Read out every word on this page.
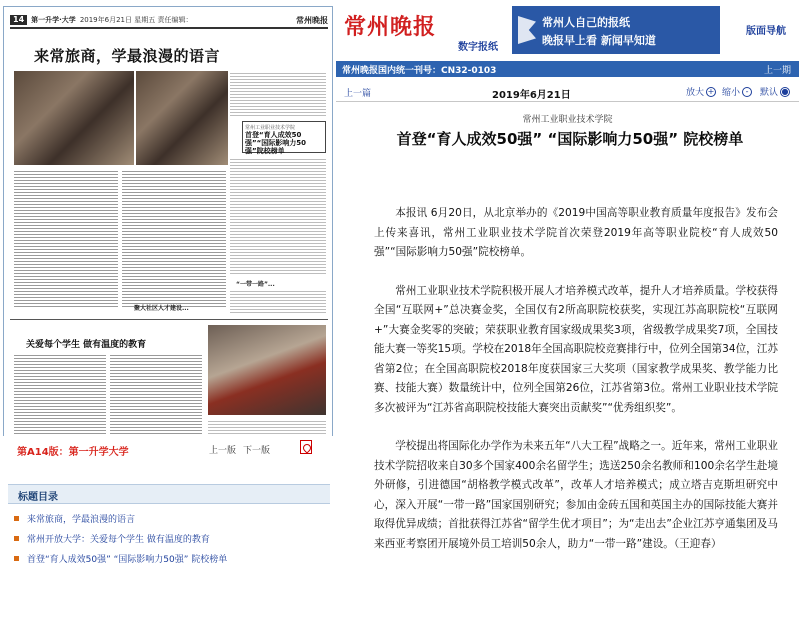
14	第一升学·大学 2019年6月21日 星期五 责任编辑：	常州晚报
来常旅商，学最浪漫的语言
常州工业职业技术学院
首登“育人成效50强”“国际影响力50强”院校榜单
“一带一路”...
聚大社区人才建设...
关爱每个学生 做有温度的教育
第A14版：第一升学大学	上一版 下一版
标题目录
来常旅商，学最浪漫的语言
常州开放大学：关爱每个学生 做有温度的教育
首登“育人成效50强” “国际影响力50强” 院校榜单
常州晚报
数字报纸
常州人自己的报纸
晚报早上看 新闻早知道
版面导航
常州晚报国内统一刊号：CN32-0103	上一期
上一篇	2019年6月21日	放大 + 缩小 -	默认 ●
常州工业职业技术学院
首登“育人成效50强” “国际影响力50强” 院校榜单

本报讯 6月20日，从北京举办的《2019中国高等职业教育质量年度报告》发布会上传来喜讯，常州工业职业技术学院首次荣登2019年高等职业院校“育人成效50强”“国际影响力50强”院校榜单。

常州工业职业技术学院积极开展人才培养模式改革，提升人才培养质量。学校获得全国“互联网+”总决赛金奖，全国仅有2所高职院校获奖，实现江苏高职院校“互联网+”大赛金奖零的突破；荣获职业教育国家级成果奖3项，省级教学成果奖7项，全国技能大赛一等奖15项。学校在2018年全国高职院校竞赛排行中，位列全国第34位，江苏省第2位；在全国高职院校2018年度获国家三大奖项（国家教学成果奖、教学能力比赛、技能大赛）数量统计中，位列全国第26位，江苏省第3位。常州工业职业技术学院多次被评为“江苏省高职院校技能大赛突出贡献奖”“优秀组织奖”。

学校提出将国际化办学作为未来五年“八大工程”战略之一。近年来，常州工业职业技术学院招收来自30多个国家400余名留学生；选送250余名教师和100余名学生赴境外研修，引进德国“胡格教学模式改革”，改革人才培养模式；成立塔吉克斯坦研究中心，深入开展“一带一路”国家国别研究；参加由金砖五国和英国主办的国际技能大赛并取得优异成绩；首批获得江苏省“留学生优才项目”；为“走出去”企业江苏亨通集团及马来西亚考察团开展境外员工培训50余人，助力“一带一路”建设。（王迎春）
